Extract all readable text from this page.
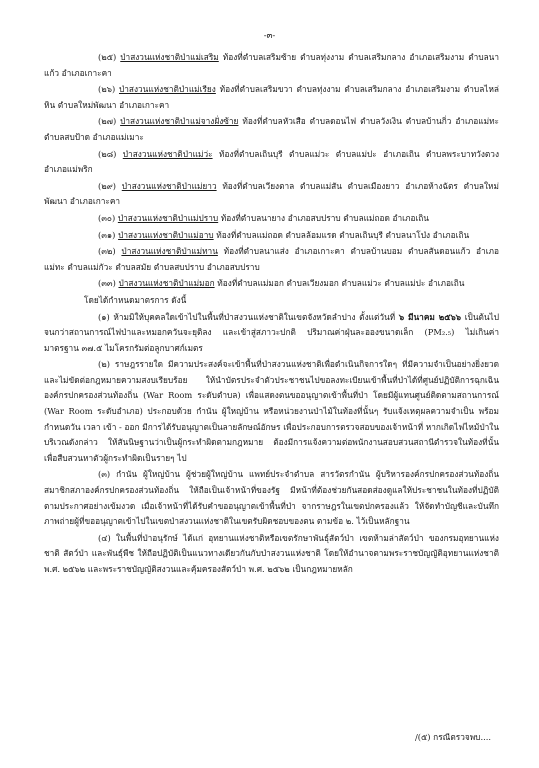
-๓-

(๒๕) ป่าสงวนแห่งชาติป่าแม่เสริม ท้องที่ตำบลเสริมซ้าย ตำบลทุ่งงาม ตำบลเสริมกลาง อำเภอเสริมงาม ตำบลนาแก้ว อำเภอเกาะคา

(๒๖) ป่าสงวนแห่งชาติป่าแม่เรียง ท้องที่ตำบลเสริมขวา ตำบลทุ่งงาม ตำบลเสริมกลาง อำเภอเสริมงาม ตำบลไหล่หิน ตำบลใหม่พัฒนา อำเภอเกาะคา

(๒๗) ป่าสงวนแห่งชาติป่าแม่จางฝั่งซ้าย ท้องที่ตำบลหัวเสือ ตำบลดอนไฟ ตำบลวังเงิน ตำบลบ้านกิ่ว อำเภอแม่ทะ ตำบลสบป้าด อำเภอแม่เมาะ

(๒๘) ป่าสงวนแห่งชาติป่าแม่ว่ะ ท้องที่ตำบลเถินบุรี ตำบลแม่วะ ตำบลแม่ปะ อำเภอเถิน ตำบลพระบาทวังตวง อำเภอแม่พริก

(๒๙) ป่าสงวนแห่งชาติป่าแม่ยาว ท้องที่ตำบลเวียงตาล ตำบลแม่สัน ตำบลเมืองยาว อำเภอห้างฉัตร ตำบลใหม่พัฒนา อำเภอเกาะคา

(๓๐) ป่าสงวนแห่งชาติป่าแม่ปราบ ท้องที่ตำบลนายาง อำเภอสบปราบ ตำบลแม่ถอด อำเภอเถิน

(๓๑) ป่าสงวนแห่งชาติป่าแม่อาบ ท้องที่ตำบลแม่ถอด ตำบลล้อมแรด ตำบลเถินบุรี ตำบลนาโป่ง อำเภอเถิน

(๓๒) ป่าสงวนแห่งชาติป่าแม่ทาน ท้องที่ตำบลนาแส่ง อำเภอเกาะคา ตำบลบ้านบอม ตำบลสันดอนแก้ว อำเภอแม่ทะ ตำบลแม่กัวะ ตำบลสมัย ตำบลสบปราบ อำเภอสบปราบ

(๓๓) ป่าสงวนแห่งชาติป่าแม่มอก ท้องที่ตำบลแม่มอก ตำบลเวียงมอก ตำบลแม่วะ ตำบลแม่ปะ อำเภอเถิน

โดยได้กำหนดมาตรการ ดังนี้

(๑) ห้ามมิให้บุคคลใดเข้าไปในพื้นที่ป่าสงวนแห่งชาติในเขตจังหวัดลำปาง ตั้งแต่วันที่ ๖ มีนาคม ๒๕๖๖ เป็นต้นไป จนกว่าสถานการณ์ไฟป่าและหมอกควันจะยุติลง และเข้าสู่สภาวะปกติ ปริมาณค่าฝุ่นละอองขนาดเล็ก (PM₂.₅) ไม่เกินค่ามาตรฐาน ๓๗.๕ ไมโครกรัมต่อลูกบาศก์เมตร

(๒) ราษฎรรายใด มีความประสงค์จะเข้าพื้นที่ป่าสงวนแห่งชาติเพื่อดำเนินกิจการใดๆ ที่มีความจำเป็นอย่างยิ่งยวดและไม่ขัดต่อกฎหมายความสงบเรียบร้อย ให้นำบัตรประจำตัวประชาชนไปขอลงทะเบียนเข้าพื้นที่ป่าได้ที่ศูนย์ปฏิบัติการฉุกเฉิน องค์กรปกครองส่วนท้องถิ่น (War Room ระดับตำบล) เพื่อแสดงตนขออนุญาตเข้าพื้นที่ป่า โดยมีผู้แทนศูนย์ติดตามสถานการณ์ (War Room ระดับอำเภอ) ประกอบด้วย กำนัน ผู้ใหญ่บ้าน หรือหน่วยงานป่าไม้ในท้องที่นั้นๆ รับแจ้งเหตุผลความจำเป็น พร้อมกำหนดวัน เวลา เข้า - ออก มีการได้รับอนุญาตเป็นลายลักษณ์อักษร เพื่อประกอบการตรวจสอบของเจ้าหน้าที่ หากเกิดไฟไหม้ป่าในบริเวณดังกล่าว ให้สันนิษฐานว่าเป็นผู้กระทำผิดตามกฎหมาย ต้องมีการแจ้งความต่อพนักงานสอบสวนสถานีตำรวจในท้องที่นั้น เพื่อสืบสวนหาตัวผู้กระทำผิดเป็นรายๆ ไป

(๓) กำนัน ผู้ใหญ่บ้าน ผู้ช่วยผู้ใหญ่บ้าน แพทย์ประจำตำบล สารวัตรกำนัน ผู้บริหารองค์กรปกครองส่วนท้องถิ่น สมาชิกสภาองค์กรปกครองส่วนท้องถิ่น ให้ถือเป็นเจ้าหน้าที่ของรัฐ มีหน้าที่ต้องช่วยกันสอดส่องดูแลให้ประชาชนในท้องที่ปฏิบัติตามประกาศอย่างเข้มงวด เมื่อเจ้าหน้าที่ได้รับคำขออนุญาตเข้าพื้นที่ป่า จากราษฎรในเขตปกครองแล้ว ให้จัดทำบัญชีและบันทึกภาพถ่ายผู้ที่ขออนุญาตเข้าไปในเขตป่าสงวนแห่งชาติในเขตรับผิดชอบของตน ตามข้อ ๒. ไว้เป็นหลักฐาน

(๔) ในพื้นที่ป่าอนุรักษ์ ได้แก่ อุทยานแห่งชาติหรือเขตรักษาพันธุ์สัตว์ป่า เขตห้ามล่าสัตว์ป่า ของกรมอุทยานแห่งชาติ สัตว์ป่า และพันธุ์พืช ให้ถือปฏิบัติเป็นแนวทางเดียวกันกับป่าสงวนแห่งชาติ โดยให้อำนาจตามพระราชบัญญัติอุทยานแห่งชาติ พ.ศ. ๒๕๖๒ และพระราชบัญญัติสงวนและคุ้มครองสัตว์ป่า พ.ศ. ๒๕๖๒ เป็นกฎหมายหลัก

/(๕) กรณีตรวจพบ....
